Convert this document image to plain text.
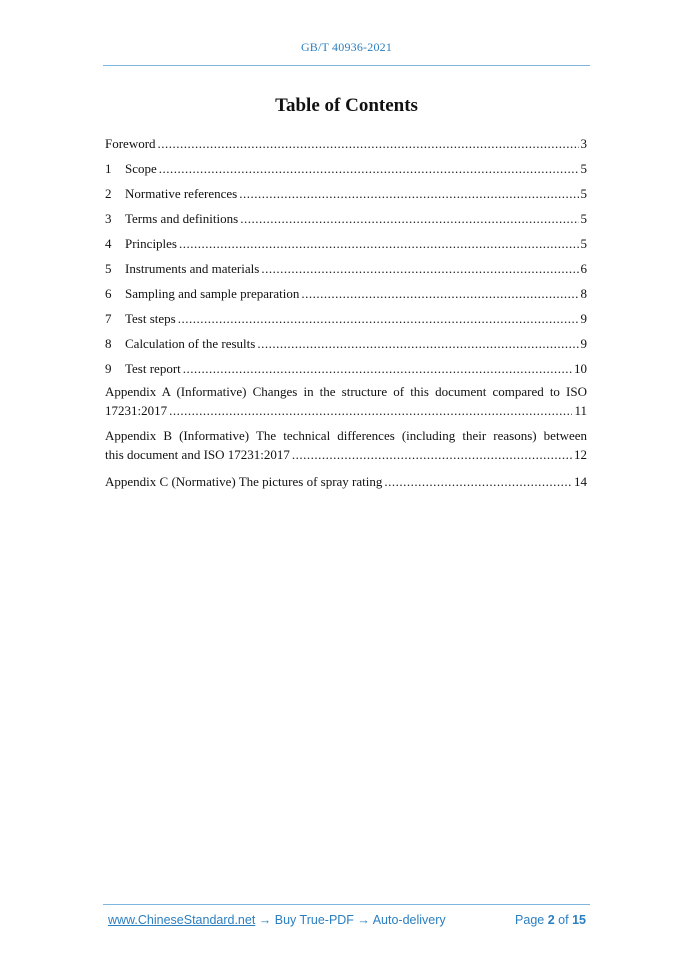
GB/T 40936-2021
Table of Contents
Foreword .....	3
1	Scope .....	5
2	Normative references .....	5
3	Terms and definitions .....	5
4	Principles .....	5
5	Instruments and materials .....	6
6	Sampling and sample preparation .....	8
7	Test steps .....	9
8	Calculation of the results .....	9
9	Test report .....	10
Appendix A (Informative) Changes in the structure of this document compared to ISO
17231:2017 .....	11
Appendix B (Informative) The technical differences (including their reasons) between
this document and ISO 17231:2017 .....	12
Appendix C (Normative) The pictures of spray rating .....	14
www.ChineseStandard.net → Buy True-PDF → Auto-delivery	Page 2 of 15
